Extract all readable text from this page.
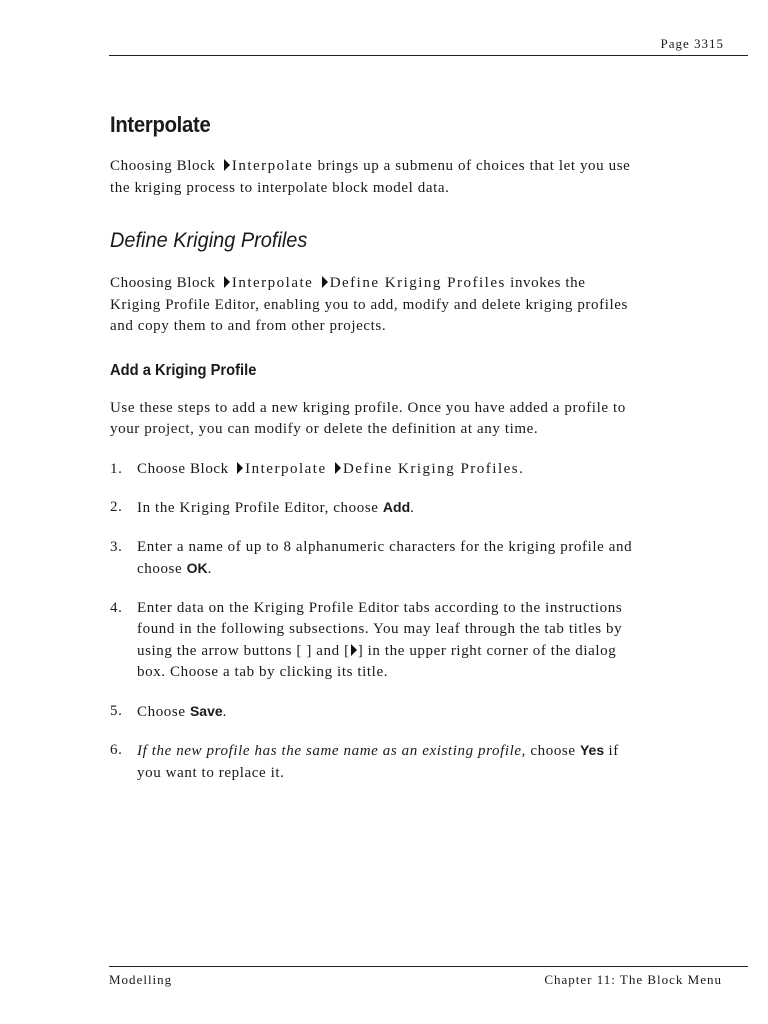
Page 3315
Interpolate

Choosing Block Interpolate brings up a submenu of choices that let you use the kriging process to interpolate block model data.

Define Kriging Profiles

Choosing Block Interpolate Define Kriging Profiles invokes the Kriging Profile Editor, enabling you to add, modify and delete kriging profiles and copy them to and from other projects.

Add a Kriging Profile

Use these steps to add a new kriging profile. Once you have added a profile to your project, you can modify or delete the definition at any time.

1. Choose Block Interpolate Define Kriging Profiles.
2. In the Kriging Profile Editor, choose Add.
3. Enter a name of up to 8 alphanumeric characters for the kriging profile and choose OK.
4. Enter data on the Kriging Profile Editor tabs according to the instructions found in the following subsections. You may leaf through the tab titles by using the arrow buttons [ ] and [ ] in the upper right corner of the dialog box. Choose a tab by clicking its title.
5. Choose Save.
6. If the new profile has the same name as an existing profile, choose Yes if you want to replace it.
Modelling	Chapter 11: The Block Menu
